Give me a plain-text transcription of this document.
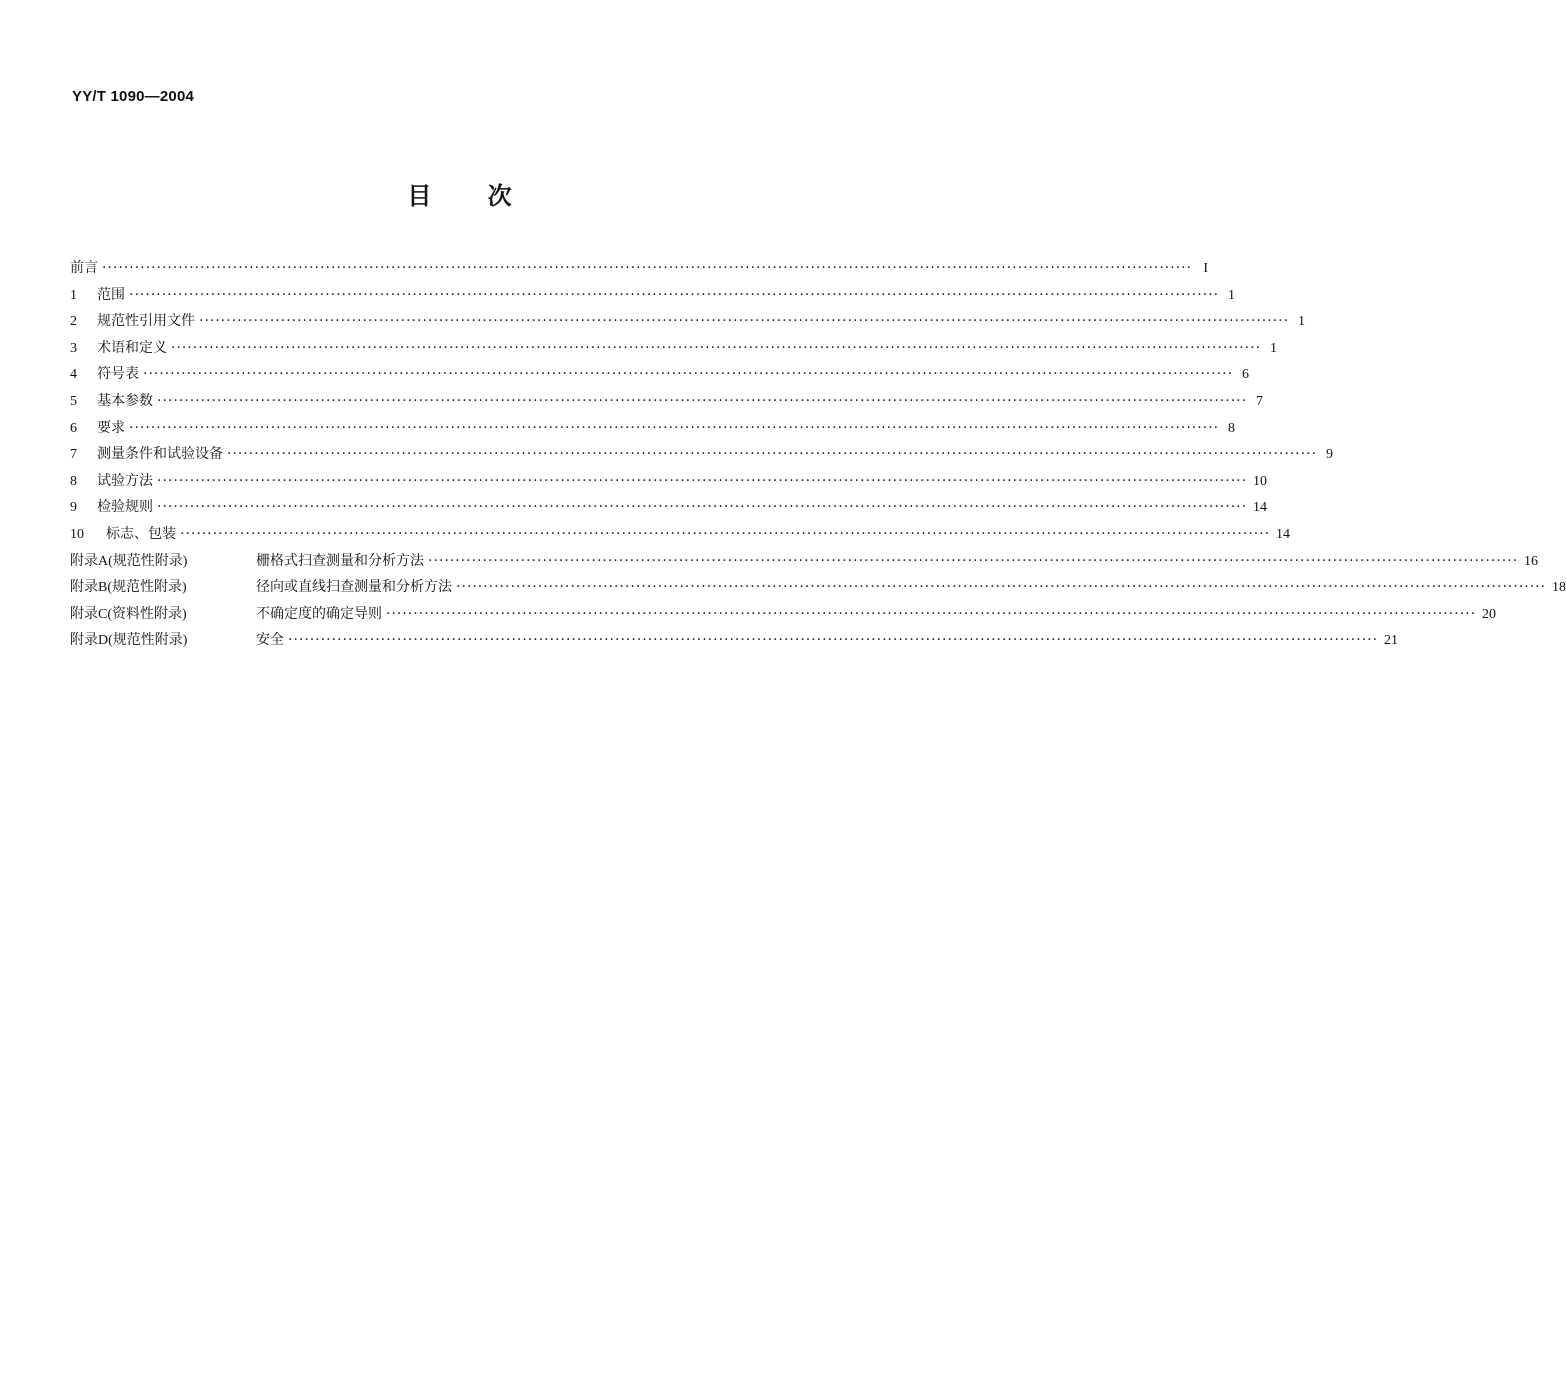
YY/T 1090—2004
目 次
前言 ········································································································································································································ I
1	范围 ········································································································································································································ 1
2	规范性引用文件 ········································································································································································································ 1
3	术语和定义 ········································································································································································································ 1
4	符号表 ········································································································································································································ 6
5	基本参数 ········································································································································································································ 7
6	要求 ········································································································································································································ 8
7	测量条件和试验设备 ········································································································································································································ 9
8	试验方法 ········································································································································································································ 10
9	检验规则 ········································································································································································································ 14
10	标志、包装 ········································································································································································································ 14
附录A(规范性附录)	栅格式扫查测量和分析方法 ········································································································································································································ 16
附录B(规范性附录)	径向或直线扫查测量和分析方法 ········································································································································································································ 18
附录C(资料性附录)	不确定度的确定导则 ········································································································································································································ 20
附录D(规范性附录)	安全 ········································································································································································································ 21
